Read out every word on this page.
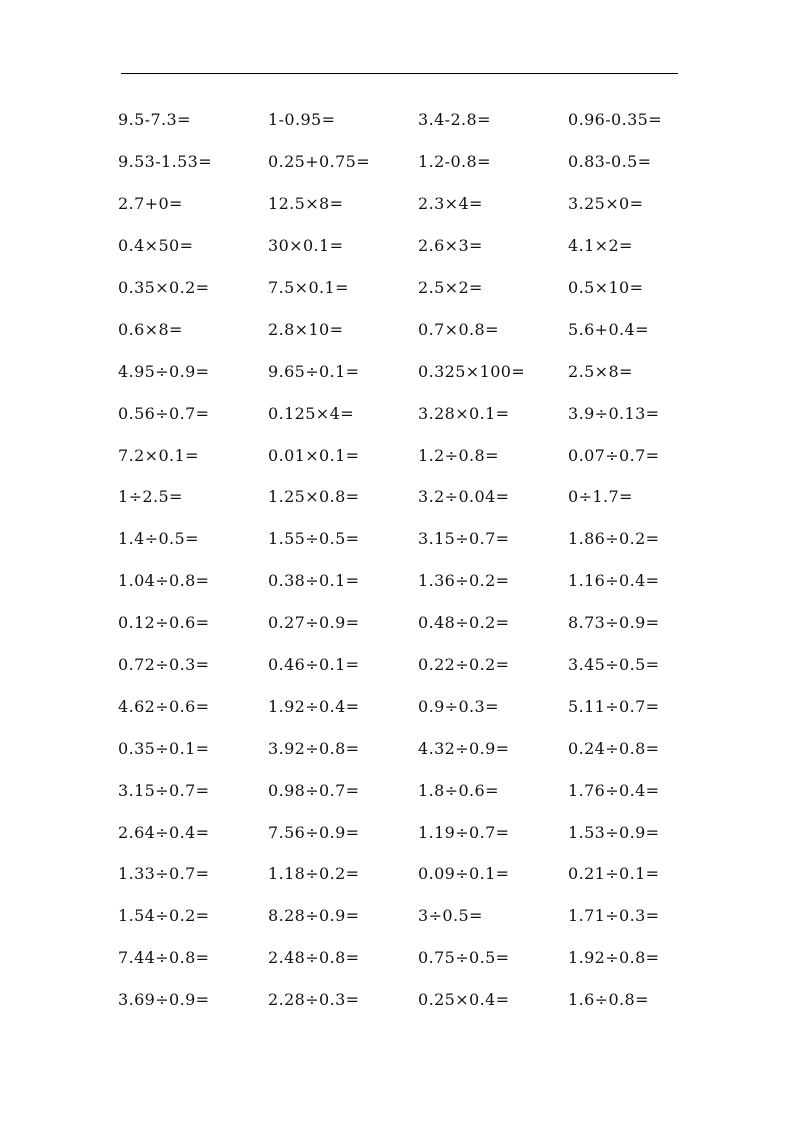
9.5-7.3=	1-0.95=	3.4-2.8=	0.96-0.35=
9.53-1.53=	0.25+0.75=	1.2-0.8=	0.83-0.5=
2.7+0=	12.5×8=	2.3×4=	3.25×0=
0.4×50=	30×0.1=	2.6×3=	4.1×2=
0.35×0.2=	7.5×0.1=	2.5×2=	0.5×10=
0.6×8=	2.8×10=	0.7×0.8=	5.6+0.4=
4.95÷0.9=	9.65÷0.1=	0.325×100=	2.5×8=
0.56÷0.7=	0.125×4=	3.28×0.1=	3.9÷0.13=
7.2×0.1=	0.01×0.1=	1.2÷0.8=	0.07÷0.7=
1÷2.5=	1.25×0.8=	3.2÷0.04=	0÷1.7=
1.4÷0.5=	1.55÷0.5=	3.15÷0.7=	1.86÷0.2=
1.04÷0.8=	0.38÷0.1=	1.36÷0.2=	1.16÷0.4=
0.12÷0.6=	0.27÷0.9=	0.48÷0.2=	8.73÷0.9=
0.72÷0.3=	0.46÷0.1=	0.22÷0.2=	3.45÷0.5=
4.62÷0.6=	1.92÷0.4=	0.9÷0.3=	5.11÷0.7=
0.35÷0.1=	3.92÷0.8=	4.32÷0.9=	0.24÷0.8=
3.15÷0.7=	0.98÷0.7=	1.8÷0.6=	1.76÷0.4=
2.64÷0.4=	7.56÷0.9=	1.19÷0.7=	1.53÷0.9=
1.33÷0.7=	1.18÷0.2=	0.09÷0.1=	0.21÷0.1=
1.54÷0.2=	8.28÷0.9=	3÷0.5=	1.71÷0.3=
7.44÷0.8=	2.48÷0.8=	0.75÷0.5=	1.92÷0.8=
3.69÷0.9=	2.28÷0.3=	0.25×0.4=	1.6÷0.8=
